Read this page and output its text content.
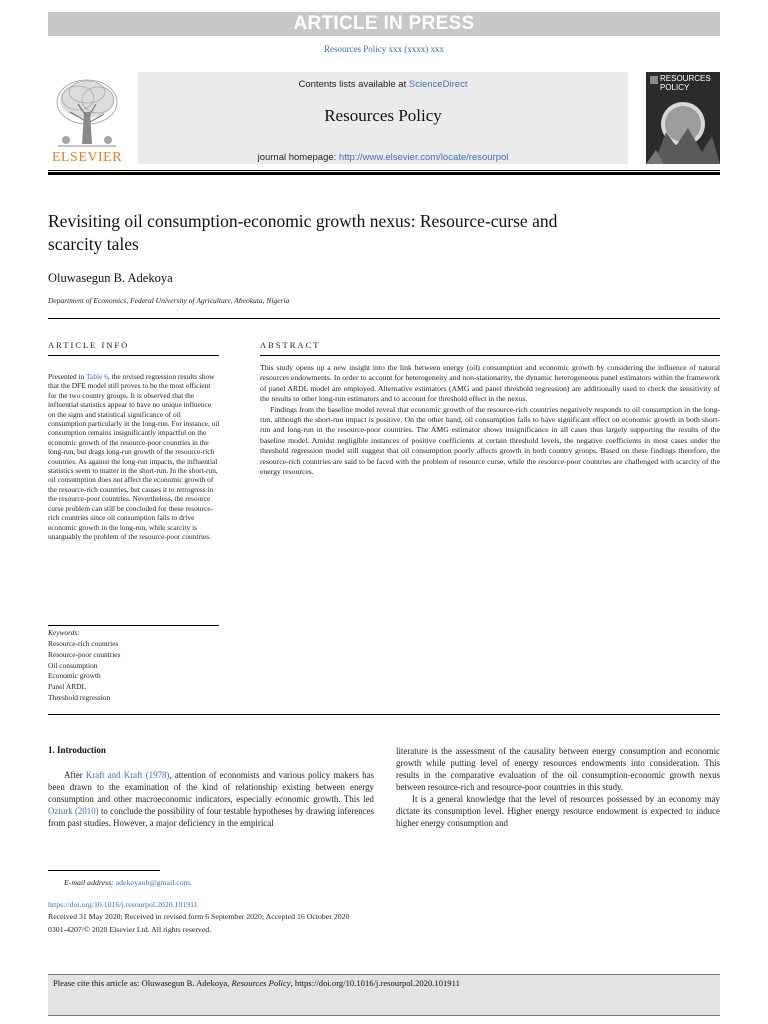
ARTICLE IN PRESS
Resources Policy xxx (xxxx) xxx
ELSEVIER
Contents lists available at ScienceDirect
Resources Policy
journal homepage: http://www.elsevier.com/locate/resourpol
RESOURCES
POLICY
Revisiting oil consumption-economic growth nexus: Resource-curse and
scarcity tales
Oluwasegun B. Adekoya
Department of Economics, Federal University of Agriculture, Abeokuta, Nigeria
ARTICLE INFO	ABSTRACT
Presented in Table 6, the revised regression results show that the DFE model still proves to be the most efficient for the two country groups. It is observed that the influential statistics appear to have no unique influence on the signs and statistical significance of oil consumption particularly in the long-run. For instance, oil consumption remains insignificantly impactful on the economic growth of the resource-poor countries in the long-run, but drags long-run growth of the resource-rich countries. As against the long-run impacts, the influential statistics seem to matter in the short-run. In the short-run, oil consumption does not affect the economic growth of the resource-rich countries, but causes it to retrogress in the resource-poor countries. Nevertheless, the resource curse problem can still be concluded for these resource-rich countries since oil consumption fails to drive economic growth in the long-run, while scarcity is unarguably the problem of the resource-poor countries.
Keywords:
Resource-rich countries
Resource-poor countries
Oil consumption
Economic growth
Panel ARDL
Threshold regression

This study opens up a new insight into the link between energy (oil) consumption and economic growth by considering the influence of natural resources endowments. In order to account for heterogeneity and non-stationarity, the dynamic heterogeneous panel estimators within the framework of panel ARDL model are employed. Alternative estimators (AMG and panel threshold regression) are additionally used to check the sensitivity of the results to other long-run estimators and to account for threshold effect in the nexus.

Findings from the baseline model reveal that economic growth of the resource-rich countries negatively responds to oil consumption in the long-run, although the short-run impact is positive. On the other hand, oil consumption fails to have significant effect on economic growth in both short-run and long-run in the resource-poor countries. The AMG estimator shows insignificance in all cases thus largely supporting the results of the baseline model. Amidst negligible instances of positive coefficients at certain threshold levels, the negative coefficients in most cases under the threshold regression model still suggest that oil consumption poorly affects growth in both country groups. Based on these findings therefore, the resource-rich countries are said to be faced with the problem of resource curse, while the resource-poor countries are challenged with scarcity of the energy resources.

1. Introduction

After Kraft and Kraft (1978), attention of economists and various policy makers has been drawn to the examination of the kind of relationship existing between energy consumption and other macroeconomic indicators, especially economic growth. This led Ozturk (2010) to conclude the possibility of four testable hypotheses by drawing inferences from past studies. However, a major deficiency in the empirical

literature is the assessment of the causality between energy consumption and economic growth while putting level of energy resources endowments into consideration. This results in the comparative evaluation of the oil consumption-economic growth nexus between resource-rich and resource-poor countries in this study.

It is a general knowledge that the level of resources possessed by an economy may dictate its consumption level. Higher energy resource endowment is expected to induce higher energy consumption and

E-mail address: adekoyaob@gmail.com.
https://doi.org/10.1016/j.resourpol.2020.101911
Received 31 May 2020; Received in revised form 6 September 2020; Accepted 16 October 2020
0301-4207/© 2020 Elsevier Ltd. All rights reserved.
Please cite this article as: Oluwasegun B. Adekoya, Resources Policy, https://doi.org/10.1016/j.resourpol.2020.101911
